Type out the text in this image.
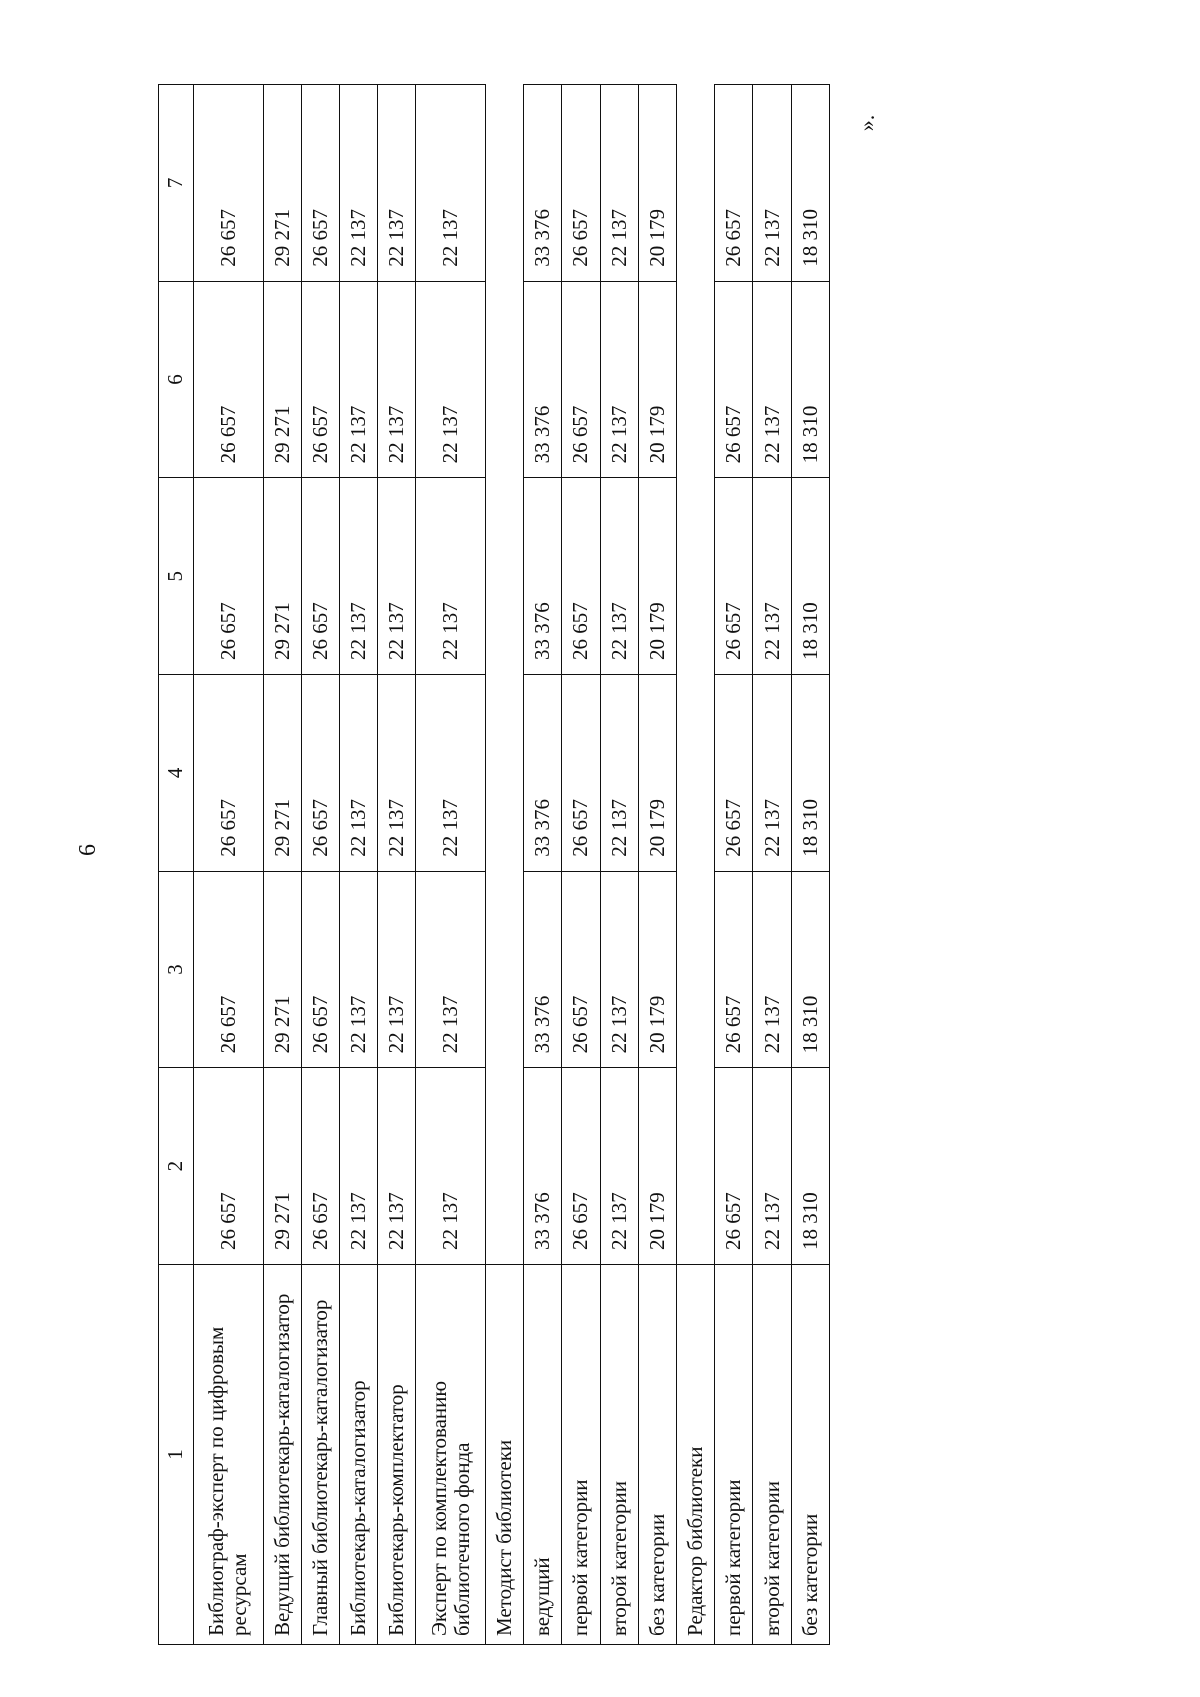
6
».
1	2	3	4	5	6	7
Библиограф-эксперт по цифровым ресурсам	26 657	26 657	26 657	26 657	26 657	26 657
Ведущий библиотекарь-каталогизатор	29 271	29 271	29 271	29 271	29 271	29 271
Главный библиотекарь-каталогизатор	26 657	26 657	26 657	26 657	26 657	26 657
Библиотекарь-каталогизатор	22 137	22 137	22 137	22 137	22 137	22 137
Библиотекарь-комплектатор	22 137	22 137	22 137	22 137	22 137	22 137
Эксперт по комплектованию библиотечного фонда	22 137	22 137	22 137	22 137	22 137	22 137
Методист библиотеки						
ведущий	33 376	33 376	33 376	33 376	33 376	33 376
первой категории	26 657	26 657	26 657	26 657	26 657	26 657
второй категории	22 137	22 137	22 137	22 137	22 137	22 137
без категории	20 179	20 179	20 179	20 179	20 179	20 179
Редактор библиотеки						
первой категории	26 657	26 657	26 657	26 657	26 657	26 657
второй категории	22 137	22 137	22 137	22 137	22 137	22 137
без категории	18 310	18 310	18 310	18 310	18 310	18 310
